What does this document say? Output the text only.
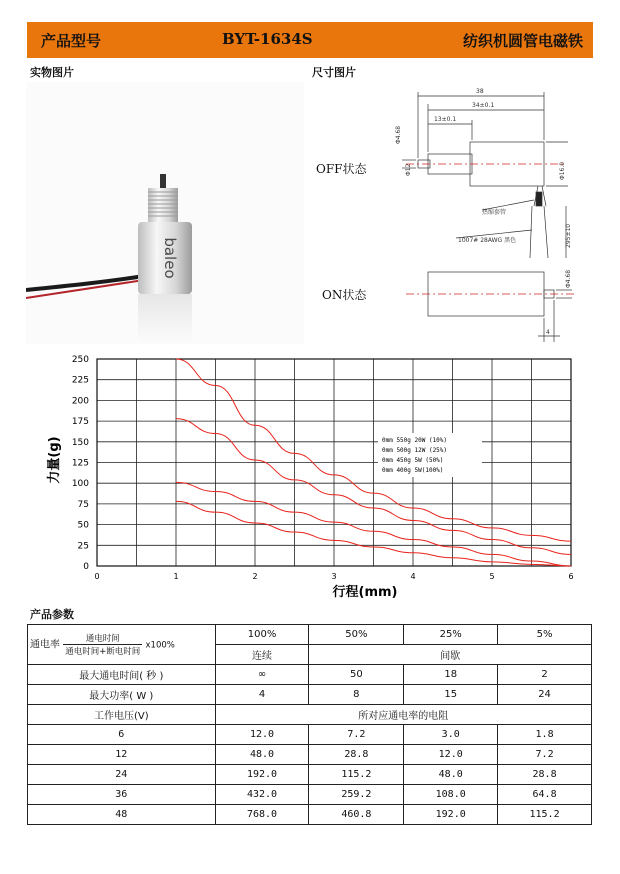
产品型号	BYT-1634S	纺织机圆管电磁铁
实物图片	尺寸图片
baleo
38
34±0.1
13±0.1
Φ4.68
Φ12	Φ16.0
295±10
热缩套管
1007# 28AWG 黑色
Φ4.68
4
OFF状态
ON状态
0	1	2	3	4	5	6
0
25
50
75
100
125
150
175
200
225
250
0mm 550g 20W (10%)
0mm 500g 12W (25%)
0mm 450g 5W (50%)
0mm 400g 5W(100%)
行程(mm)
力量(g)
产品参数
通电率 $\frac{\text{通电时间}}{\text{通电时间+断电时间}} x100\%$	100%	50%	25%	5%
	连续	间歇		
最大通电时间( 秒 )	∞	50	18	2
最大功率( W )	4	8	15	24
工作电压(V)	所对应通电率的电阻			
6	12.0	7.2	3.0	1.8
12	48.0	28.8	12.0	7.2
24	192.0	115.2	48.0	28.8
36	432.0	259.2	108.0	64.8
48	768.0	460.8	192.0	115.2
